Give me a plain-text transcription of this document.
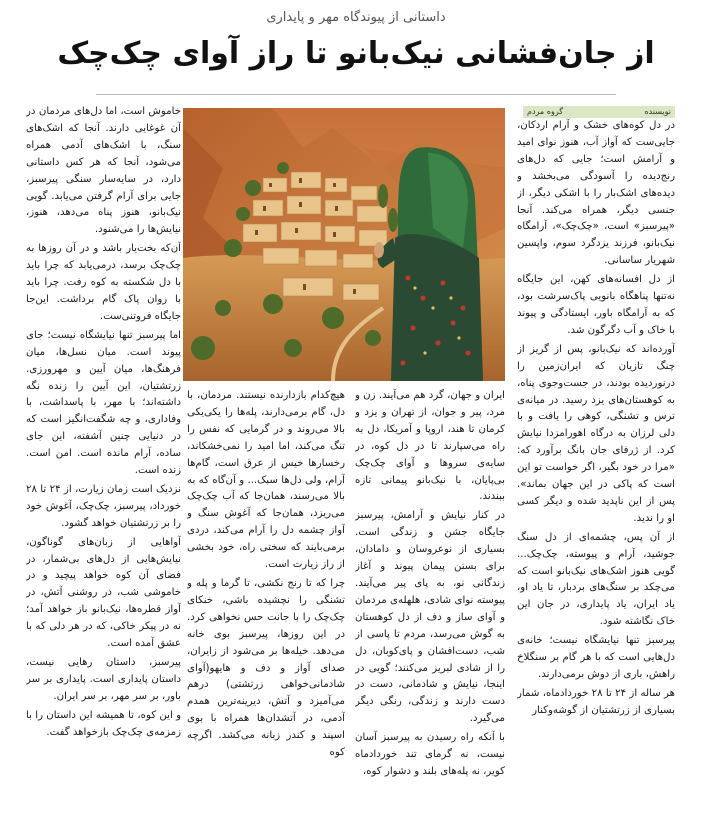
داستانی از پیوندگاه مهر و پایداری
از جان‌فشانی نیک‌بانو تا راز آوای چک‌چک
نویسنده
گروه مردم

در دل کوه‌های خشک و آرام اردکان، جایی‌ست که آواز آب، هنوز نوای امید و آرامش است؛ جایی که دل‌های رنج‌دیده را آسودگی می‌بخشد و دیده‌های اشک‌بار را با اشکی دیگر، از جنسی دیگر، همراه می‌کند. آنجا «پیرسبز» است، «چک‌چک»، آرامگاه نیک‌بانو، فرزند یزدگرد سوم، واپسین شهریار ساسانی.

از دل افسانه‌های کهن، این جایگاه نه‌تنها پناهگاه بانویی پاک‌سرشت بود، که به آرامگاه باور، ایستادگی و پیوند با خاک و آب دگرگون شد.

آورده‌اند که نیک‌بانو، پس از گریز از چنگ تازیان که ایران‌زمین را درنوردیده بودند، در جست‌وجوی پناه، به کوهستان‌های یزد رسید. در میانه‌ی ترس و تشنگی، کوهی را یافت و با دلی لرزان به درگاه اهورامزدا نیایش کرد. از ژرفای جان بانگ برآورد که: «مرا در خود بگیر، اگر خواست تو این است که پاکی در این جهان بماند». پس از این ناپدید شده و دیگر کسی او را ندید.

از آن پس، چشمه‌ای از دل سنگ جوشید، آرام و پیوسته، چک‌چک... گویی هنوز اشک‌های نیک‌بانو است که می‌چکد بر سنگ‌های بردبار، تا یاد او، یاد ایران، یاد پایداری، در جان این خاک نگاشته شود.

پیرسبز تنها نیایشگاه نیست؛ خانه‌ی دل‌هایی است که با هر گام بر سنگلاخ راهش، باری از دوش برمی‌دارند.

هر ساله از ۲۴ تا ۲۸ خورداد‌ماه، شمار بسیاری از زرتشتیان از گوشه‌وکنار

ایران و جهان، گرد هم می‌آیند. زن و مرد، پیر و جوان، از تهران و یزد و کرمان تا هند، اروپا و آمریکا، دل به راه می‌سپارند تا در دل کوه، در سایه‌ی سروها و آوای چک‌چک بی‌پایان، با نیک‌بانو پیمانی تازه ببندند.

در کنار نیایش و آرامش، پیرسبز جایگاه جشن و زندگی است. بسیاری از نوعروسان و دامادان، برای بستن پیمان پیوند و آغاز زندگانی نو، به پای پیر می‌آیند. پیوسته نوای شادی، هلهله‌ی مردمان و آوای ساز و دف از دل کوهستان به گوش می‌رسد، مردم تا پاسی از شب، دست‌افشان و پای‌کوبان، دل را از شادی لبریز می‌کنند؛ گویی در اینجا، نیایش و شادمانی، دست در دست دارند و زندگی، رنگی دیگر می‌گیرد.

با آنکه راه رسیدن به پیرسبز آسان نیست، نه گرمای تند خورداد‌ماه کویر، نه پله‌های بلند و دشوار کوه،

هیچ‌کدام بازدارنده نیستند. مردمان، با دل، گام برمی‌دارند، پله‌ها را یکی‌یکی بالا می‌روند و در گرمایی که نفس را تنگ می‌کند، اما امید را نمی‌خشکاند، رخسارها خیس از عرق است، گام‌ها آرام، ولی دل‌ها سبک... و آن‌گاه که به بالا می‌رسند، همان‌جا که آب چک‌چک می‌ریزد، همان‌جا که آغوش سنگ و آواز چشمه دل را آرام می‌کند، دردی برمی‌بایند که سختی راه، خود بخشی از راز زیارت است.

چرا که تا رنج نکشی، تا گرما و پله و تشنگی را نچشیده باشی، خنکای چک‌چک را با جانت حس نخواهی کرد. در این روزها، پیرسبز بوی خانه می‌دهد. خیله‌ها بر می‌شود از زایران، صدای آواز و دف و هایهو(آوای شادمانی‌خواهی زرتشتی) درهم می‌آمیزد و آتش، دیرینه‌ترین همدم آدمی، در آتشدان‌ها همراه با بوی اسپند و کندر زبانه می‌کشد. اگرچه کوه

خاموش است، اما دل‌های مردمان در آن غوغایی دارند. آنجا که اشک‌های سنگ، با اشک‌های آدمی همراه می‌شود، آنجا که هر کس داستانی دارد، در سایه‌سار سنگی پیرسبز، جایی برای آرام گرفتن می‌یابد. گویی نیک‌بانو، هنوز پناه می‌دهد، هنوز، نیایش‌ها را می‌شنود.

آن‌که بخت‌یار باشد و در آن روزها به چک‌چک برسد، درمی‌یابد که چرا باید با دل شکسته به کوه رفت. چرا باید با روان پاک گام برداشت. این‌جا جایگاه فروتنی‌ست.

اما پیرسبز تنها نیایشگاه نیست؛ جای پیوند است. میان نسل‌ها، میان فرهنگ‌ها، میان آیین و مهرورزی. زرتشتیان، این آیین را زنده نگه داشته‌اند؛ با مهر، با پاسداشت، با وفاداری، و چه شگفت‌انگیز است که در دنیایی چنین آشفته، این جای ساده، آرام مانده است. امن است. زنده است.

نزدیک است زمان زیارت، از ۲۴ تا ۲۸ خورداد، پیرسبز، چک‌چک، آغوش خود را بر زرتشتیان خواهد گشود.

آواهایی از زبان‌های گوناگون، نیایش‌هایی از دل‌های بی‌شمار، در فضای آن کوه خواهد پیچید و در خاموشی شب، در روشنی آتش، در آواز قطره‌ها، نیک‌بانو باز خواهد آمد؛ نه در پیکر خاکی، که در هر دلی که با عشق آمده است.

پیرسبز، داستان رهایی نیست، داستان پایداری است. پایداری بر سر باور، بر سر مهر، بر سر ایران.

و این کوه، تا همیشه این داستان را با زمزمه‌ی چک‌چک بازخواهد گفت.
